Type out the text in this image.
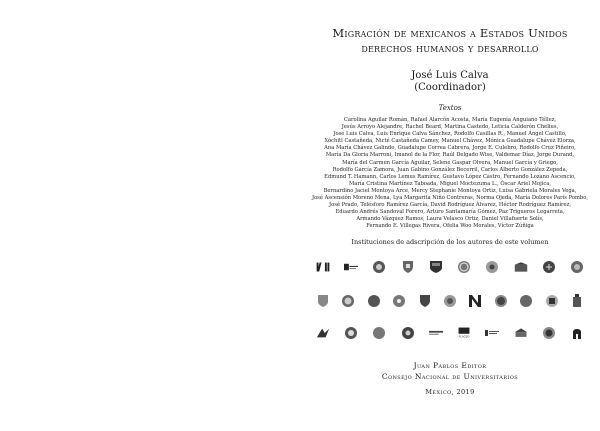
Migración de mexicanos a Estados Unidos
derechos humanos y desarrollo
José Luis Calva
(Coordinador)
Textos
Carolina Aguilar Román, Rafael Alarcón Acosta, María Eugenia Anguiano Téllez,
Jesús Arroyo Alejandre, Rachel Beard, Martina Castedo, Leticia Calderón Chelius,
José Luis Calva, Luis Enrique Calva Sánchez, Rodolfo Casillas R., Manuel Ángel Castillo,
Xóchitl Castañeda, Nicté Castañeda Camey, Manuel Chávez, Mónica Guadalupe Chávez Elorza,
Ana María Chávez Galindo, Guadalupe Correa Cabrera, Jorge E. Culebro, Rodolfo Cruz Piñeiro,
María Da Gloria Marroni, Imanol de la Flor, Raúl Delgado Wise, Valdemar Díaz, Jorge Durand,
María del Carmen García Aguilar, Selene Gaspar Olvera, Manuel García y Griego,
Rodolfo García Zamora, Juan Gabino González Becerril, Carlos Alberto González Zepeda,
Edmund T. Hamann, Carlos Lemus Ramírez, Gustavo López Castro, Fernando Lozano Ascencio,
María Cristina Martínez Taboada, Miguel Moctezuma L., Óscar Ariel Mojica,
Bernardino Jaciel Montoya Arce, Mercy Stephanie Montoya Ortiz, Luisa Gabriela Morales Vega,
José Ascensión Moreno Mena, Lya Margarita Niño Contreras, Norma Ojeda, María Dolores París Pombo,
José Prado, Telésforo Ramírez García, David Rodríguez Álvarez, Héctor Rodríguez Ramírez,
Eduardo Andrés Sandoval Forero, Arturo Santamaría Gómez, Paz Trigueros Legarreta,
Armando Vázquez Ramos, Laura Velasco Ortiz, Daniel Villafuerte Solís,
Fernando E. Villegas Rivera, Ofelia Woo Morales, Víctor Zúñiga
Instituciones de adscripción de los autores de este volumen
FLACSO
Juan Pablos Editor
Consejo Nacional de Universitarios
México, 2019
